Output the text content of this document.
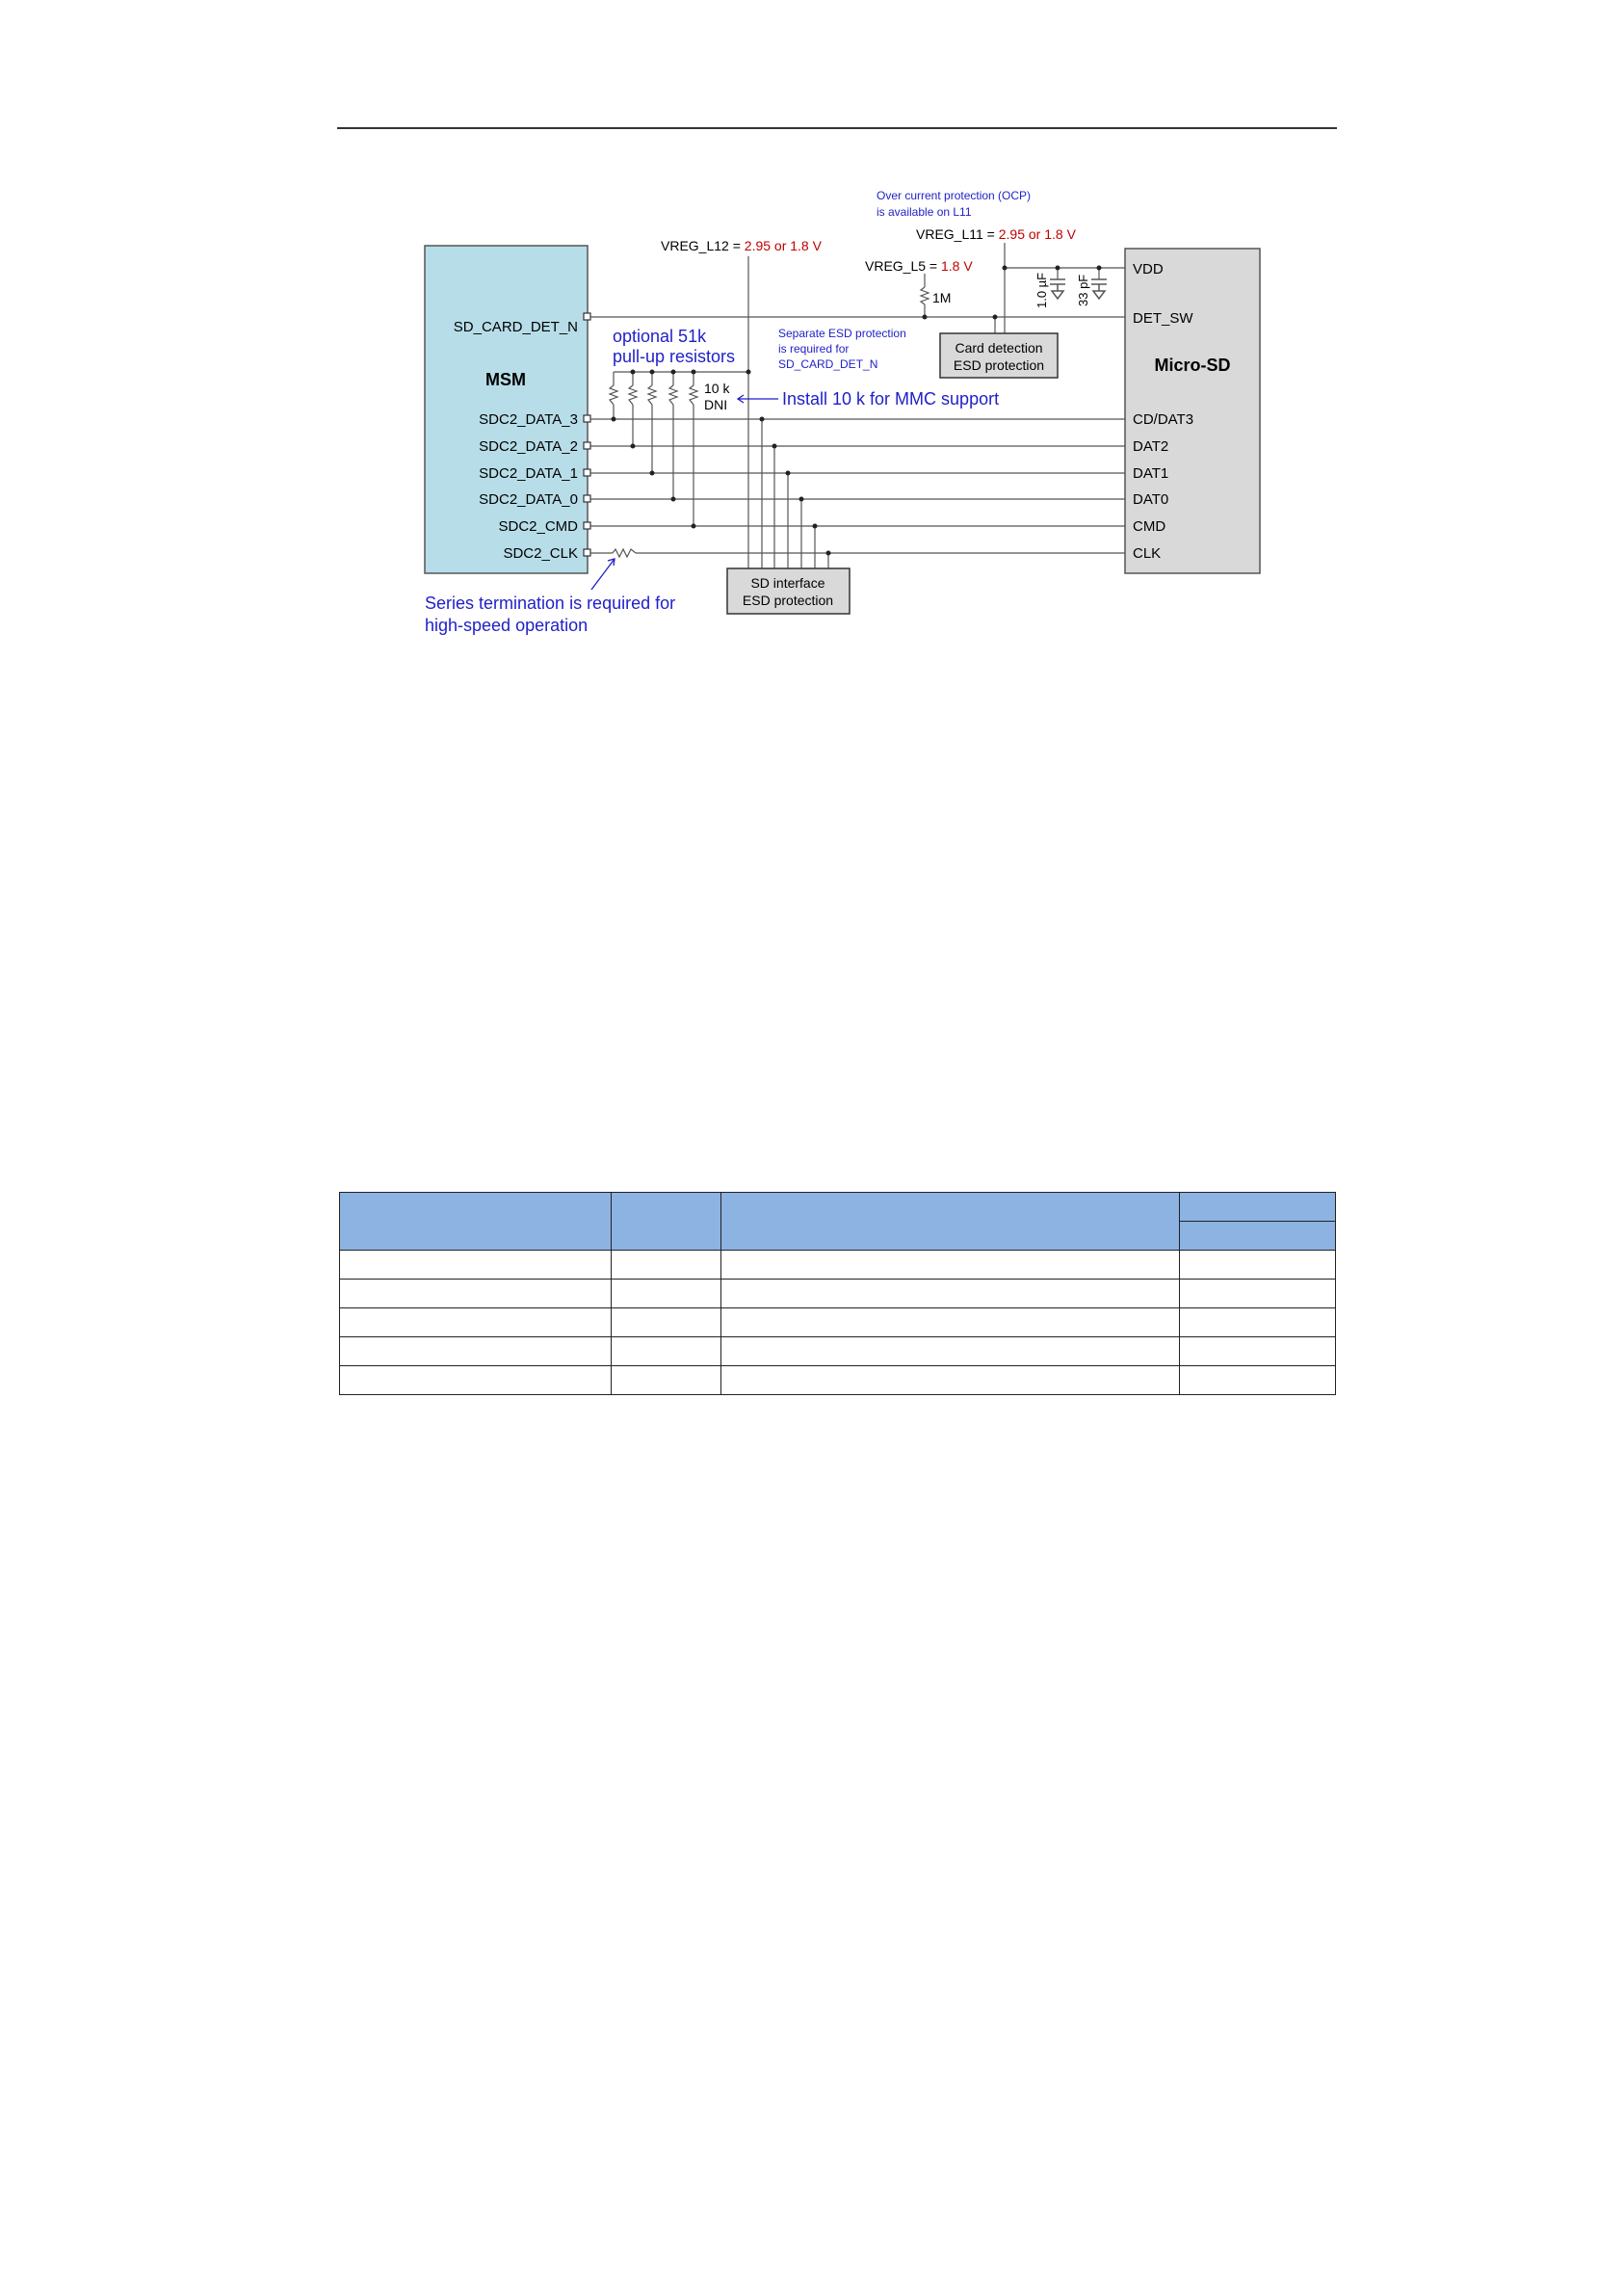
MSM
Micro-SD
SD_CARD_DET_N
SDC2_DATA_3
SDC2_DATA_2
SDC2_DATA_1
SDC2_DATA_0
SDC2_CMD
SDC2_CLK
VDD
DET_SW
CD/DAT3
DAT2
DAT1
DAT0
CMD
CLK
1.0 µF 33 pF
Card detection
ESD protection
SD interface
ESD protection
VREG_L12 = 2.95 or 1.8 V
VREG_L11 = 2.95 or 1.8 V
VREG_L5 = 1.8 V
1M
10 k
DNI
Over current protection (OCP)
is available on L11
optional 51k
pull-up resistors
Separate ESD protection
is required for
SD_CARD_DET_N
Install 10 k for MMC support
Series termination is required for
high-speed operation
